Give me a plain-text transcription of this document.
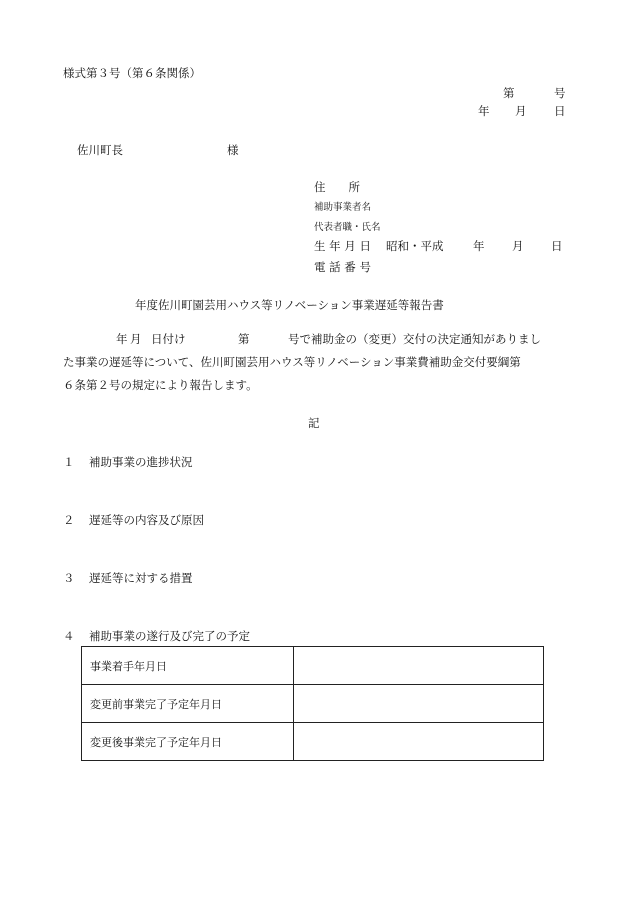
様式第３号（第６条関係）
第	号
年 月 日
佐川町長	様
住　　所
補助事業者名
代表者職・氏名
生 年 月 日 昭和・平成	年 月 日
電 話 番 号
年度佐川町園芸用ハウス等リノベーション事業遅延等報告書
年 月 日付け	第	号で補助金の（変更）交付の決定通知がありまし
た事業の遅延等について、佐川町園芸用ハウス等リノベーション事業費補助金交付要綱第
６条第２号の規定により報告します。
記
１ 補助事業の進捗状況
２ 遅延等の内容及び原因
３ 遅延等に対する措置
４ 補助事業の遂行及び完了の予定
事業着手年月日	
変更前事業完了予定年月日	
変更後事業完了予定年月日	
